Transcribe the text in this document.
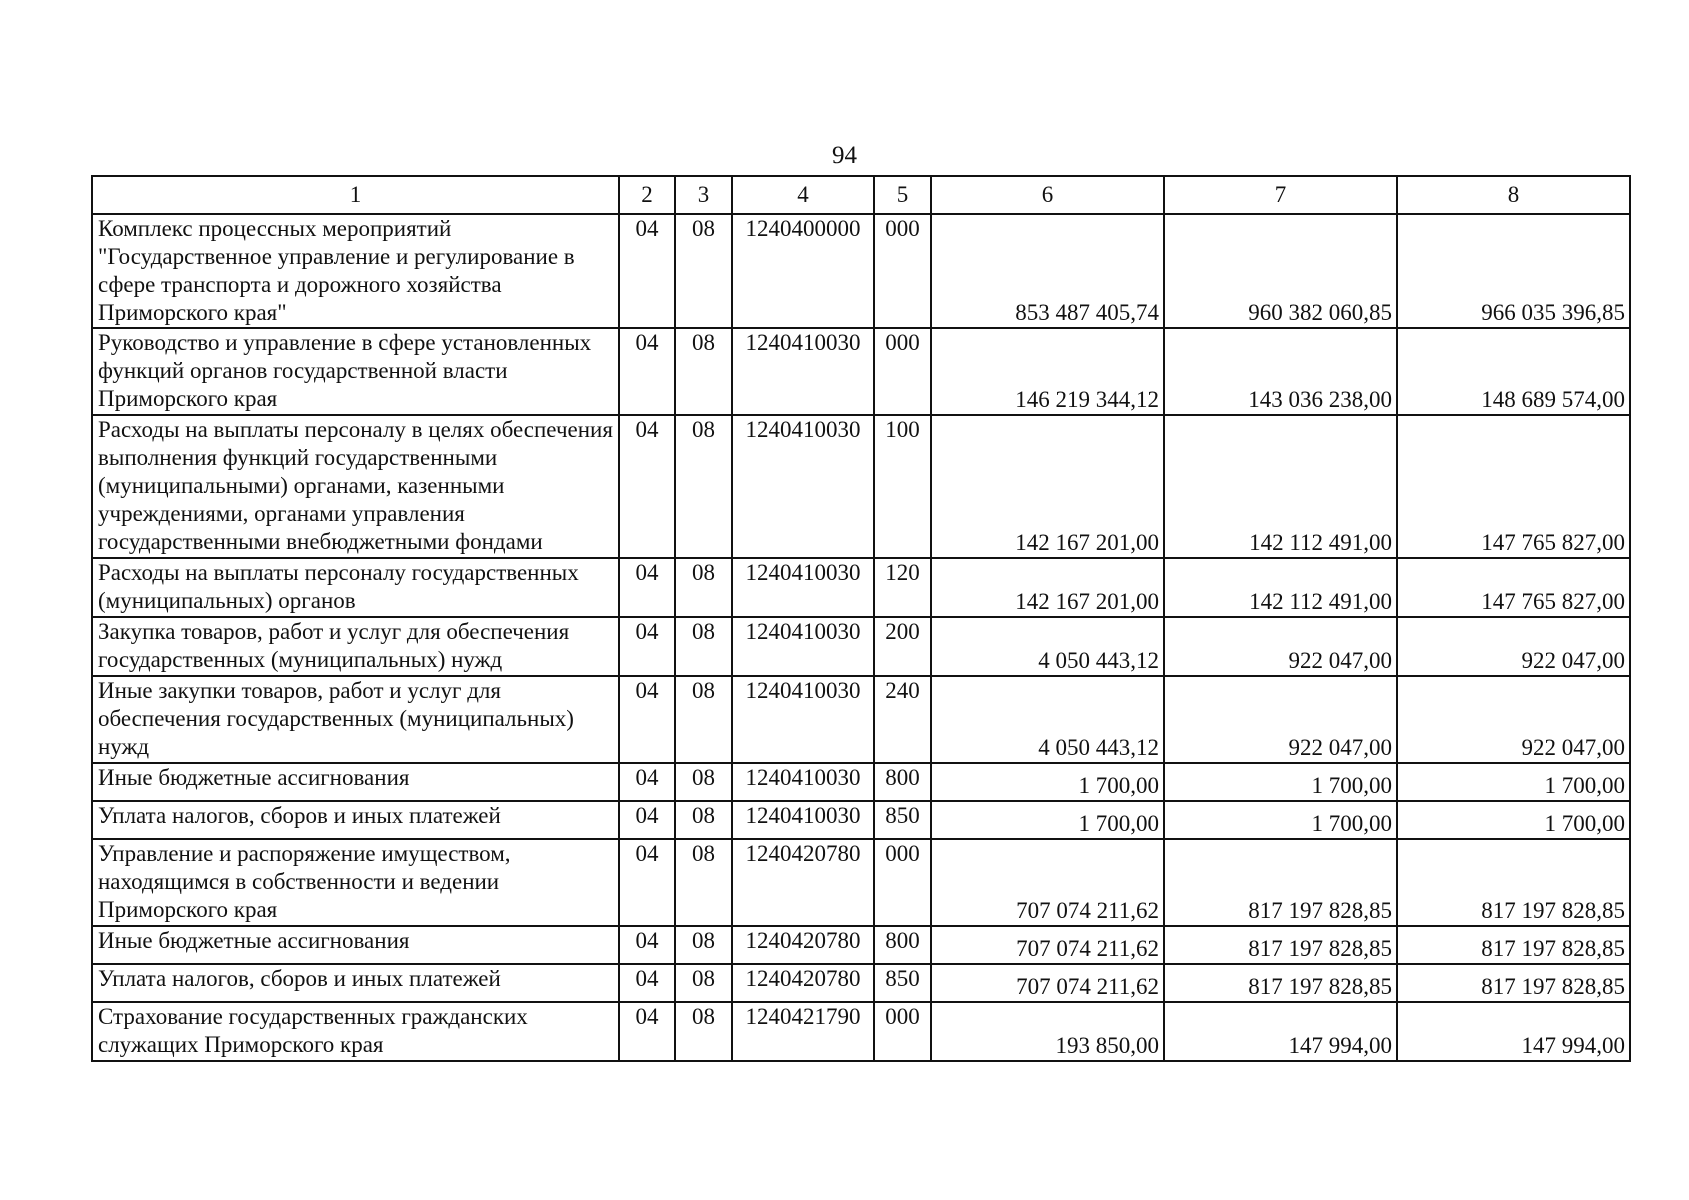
94
1	2	3	4	5	6	7	8
Комплекс процессных мероприятий "Государственное управление и регулирование в сфере транспорта и дорожного хозяйства Приморского края"	04	08	1240400000	000	853 487 405,74	960 382 060,85	966 035 396,85
Руководство и управление в сфере установленных функций органов государственной власти Приморского края	04	08	1240410030	000	146 219 344,12	143 036 238,00	148 689 574,00
Расходы на выплаты персоналу в целях обеспечения выполнения функций государственными (муниципальными) органами, казенными учреждениями, органами управления государственными внебюджетными фондами	04	08	1240410030	100	142 167 201,00	142 112 491,00	147 765 827,00
Расходы на выплаты персоналу государственных (муниципальных) органов	04	08	1240410030	120	142 167 201,00	142 112 491,00	147 765 827,00
Закупка товаров, работ и услуг для обеспечения государственных (муниципальных) нужд	04	08	1240410030	200	4 050 443,12	922 047,00	922 047,00
Иные закупки товаров, работ и услуг для обеспечения государственных (муниципальных) нужд	04	08	1240410030	240	4 050 443,12	922 047,00	922 047,00
Иные бюджетные ассигнования	04	08	1240410030	800	1 700,00	1 700,00	1 700,00
Уплата налогов, сборов и иных платежей	04	08	1240410030	850	1 700,00	1 700,00	1 700,00
Управление и распоряжение имуществом, находящимся в собственности и ведении Приморского края	04	08	1240420780	000	707 074 211,62	817 197 828,85	817 197 828,85
Иные бюджетные ассигнования	04	08	1240420780	800	707 074 211,62	817 197 828,85	817 197 828,85
Уплата налогов, сборов и иных платежей	04	08	1240420780	850	707 074 211,62	817 197 828,85	817 197 828,85
Страхование государственных гражданских служащих Приморского края	04	08	1240421790	000	193 850,00	147 994,00	147 994,00
